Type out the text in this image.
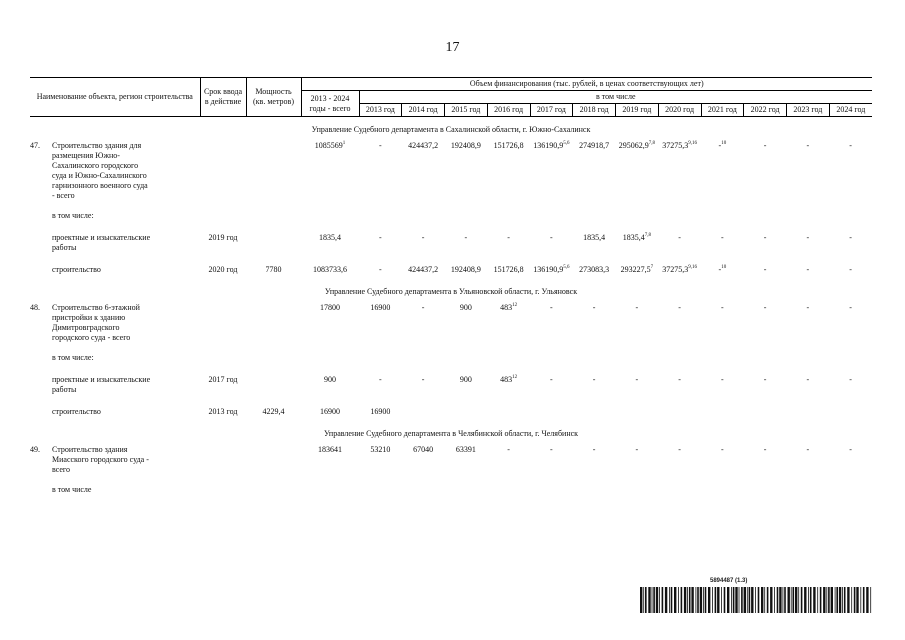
17
Наименование объекта, регион строительства	Срок ввода в действие	Мощность (кв. метров)	Объем финансирования (тыс. рублей, в ценах соответствующих лет)												
			2013 - 2024 годы - всего	в том числе											
				2013 год	2014 год	2015 год	2016 год	2017 год	2018 год	2019 год	2020 год	2021 год	2022 год	2023 год	2024 год
Управление Судебного департамента в Сахалинской области, г. Южно-Сахалинск															
47. Строительство здания для размещения Южно-Сахалинского городского суда и Южно-Сахалинского гарнизонного военного суда - всего			1085569$^1$	-	424437,2	192408,9	151726,8	136190,9$^{5,6}$	274918,7	295062,9$^{7,8}$	37275,3$^{9,16}$	-$^{10}$	-	-	-

в том числе:															

проектные и изыскательские работы	2019 год		1835,4	-	-	-	-	-	1835,4	1835,4$^{7,8}$	-	-	-	-	-

строительство	2020 год	7780	1083733,6	-	424437,2	192408,9	151726,8	136190,9$^{5,6}$	273083,3	293227,5$^7$	37275,3$^{9,16}$	-$^{10}$	-	-	-

Управление Судебного департамента в Ульяновской области, г. Ульяновск															
48. Строительство 6-этажной пристройки к зданию Димитровградского городского суда - всего			17800	16900	-	900	$483^{12}$	-	-	-	-	-	-	-	-

в том числе:															

проектные и изыскательские работы	2017 год		900	-	-	900	$483^{12}$	-	-	-	-	-	-	-	-

строительство	2013 год	4229,4	16900	16900											

Управление Судебного департамента в Челябинской области, г. Челябинск															
49. Строительство здания Миасского городского суда - всего			183641	53210	67040	63391	-	-	-	-	-	-	-	-	-

в том числе															

5894487 (1.3)
